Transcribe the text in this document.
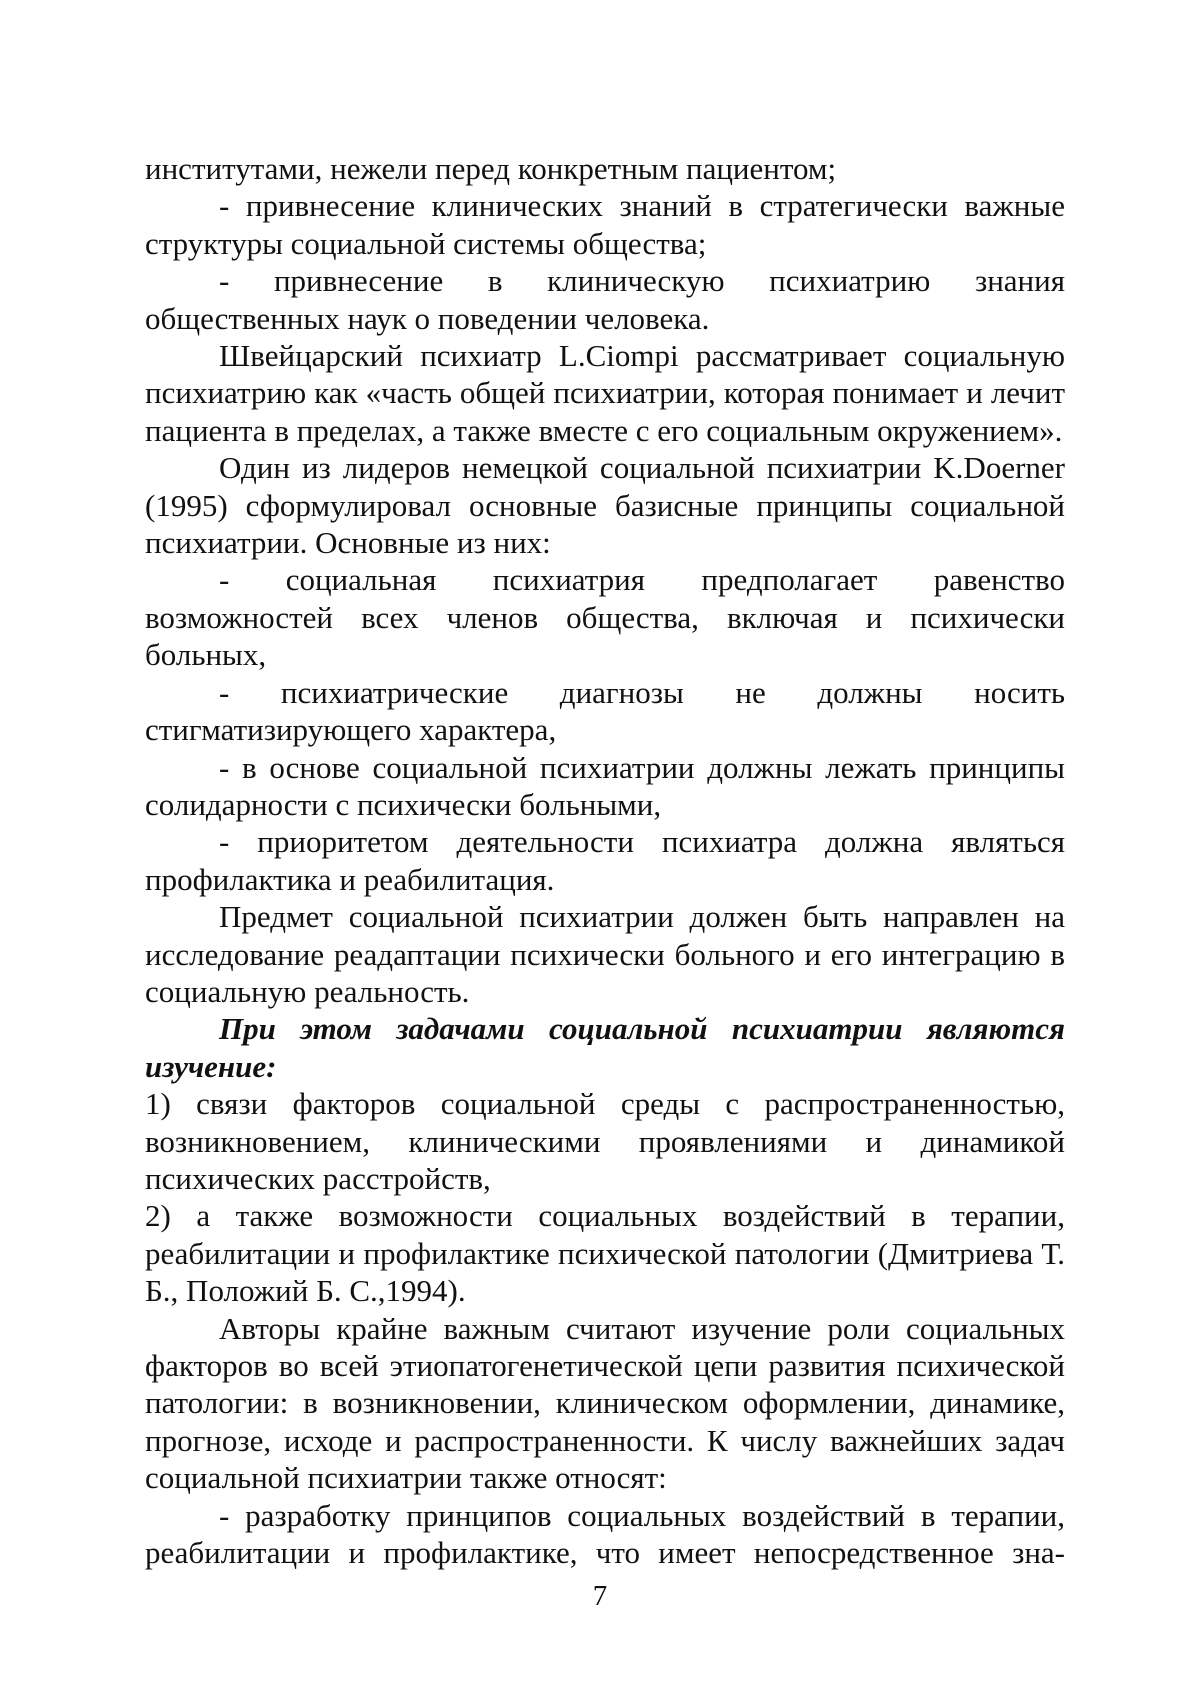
институтами, нежели перед конкретным пациентом;

- привнесение клинических знаний в стратегически важные структуры социальной системы общества;

- привнесение в клиническую психиатрию знания общественных наук о поведении человека.

Швейцарский психиатр L.Ciompi рассматривает социальную психиатрию как «часть общей психиатрии, которая понимает и лечит пациента в пределах, а также вместе с его социальным окружением».

Один из лидеров немецкой социальной психиатрии K.Doerner (1995) сформулировал основные базисные принципы социальной психиатрии. Основные из них:

- социальная психиатрия предполагает равенство возможностей всех членов общества, включая и психически больных,

- психиатрические диагнозы не должны носить стигматизирующего характера,

- в основе социальной психиатрии должны лежать принципы солидарности с психически больными,

- приоритетом деятельности психиатра должна являться профилактика и реабилитация.

Предмет социальной психиатрии должен быть направлен на исследование реадаптации психически больного и его интеграцию в социальную реальность.

При этом задачами социальной психиатрии являются изучение:

1) связи факторов социальной среды с распространенностью, возникновением, клиническими проявлениями и динамикой психических расстройств,

2) а также возможности социальных воздействий в терапии, реабилитации и профилактике психической патологии (Дмитриева Т. Б., Положий Б. С.,1994).

Авторы крайне важным считают изучение роли социальных факторов во всей этиопатогенетической цепи развития психической патологии: в возникновении, клиническом оформлении, динамике, прогнозе, исходе и распространенности. К числу важнейших задач социальной психиатрии также относят:

- разработку принципов социальных воздействий в терапии, реабилитации и профилактике, что имеет непосредственное зна-

7
